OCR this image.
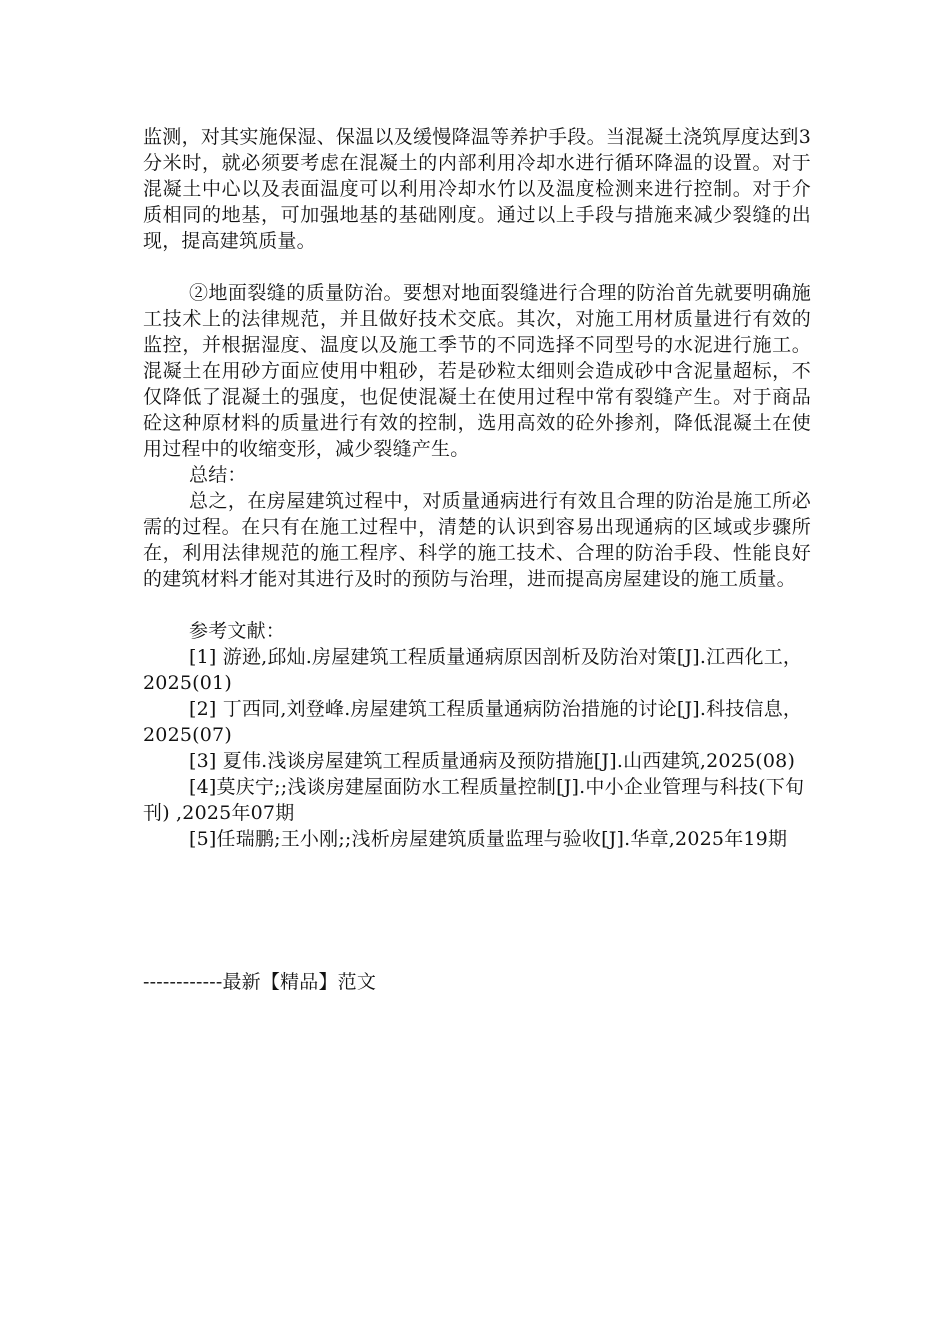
监测，对其实施保湿、保温以及缓慢降温等养护手段。当混凝土浇筑厚度达到3分米时，就必须要考虑在混凝土的内部利用冷却水进行循环降温的设置。对于混凝土中心以及表面温度可以利用冷却水竹以及温度检测来进行控制。对于介质相同的地基，可加强地基的基础刚度。通过以上手段与措施来减少裂缝的出现，提高建筑质量。

②地面裂缝的质量防治。要想对地面裂缝进行合理的防治首先就要明确施工技术上的法律规范，并且做好技术交底。其次，对施工用材质量进行有效的监控，并根据湿度、温度以及施工季节的不同选择不同型号的水泥进行施工。混凝土在用砂方面应使用中粗砂，若是砂粒太细则会造成砂中含泥量超标，不仅降低了混凝土的强度，也促使混凝土在使用过程中常有裂缝产生。对于商品砼这种原材料的质量进行有效的控制，选用高效的砼外掺剂，降低混凝土在使用过程中的收缩变形，减少裂缝产生。

总结：

总之，在房屋建筑过程中，对质量通病进行有效且合理的防治是施工所必需的过程。在只有在施工过程中，清楚的认识到容易出现通病的区域或步骤所在，利用法律规范的施工程序、科学的施工技术、合理的防治手段、性能良好的建筑材料才能对其进行及时的预防与治理，进而提高房屋建设的施工质量。

参考文献：

[1] 游逊,邱灿.房屋建筑工程质量通病原因剖析及防治对策[J].江西化工，2025(01)

[2] 丁西同,刘登峰.房屋建筑工程质量通病防治措施的讨论[J].科技信息，2025(07)

[3] 夏伟.浅谈房屋建筑工程质量通病及预防措施[J].山西建筑,2025(08)

[4]莫庆宁;;浅谈房建屋面防水工程质量控制[J].中小企业管理与科技(下旬刊) ,2025年07期

[5]任瑞鹏;王小刚;;浅析房屋建筑质量监理与验收[J].华章,2025年19期

------------最新【精品】范文
